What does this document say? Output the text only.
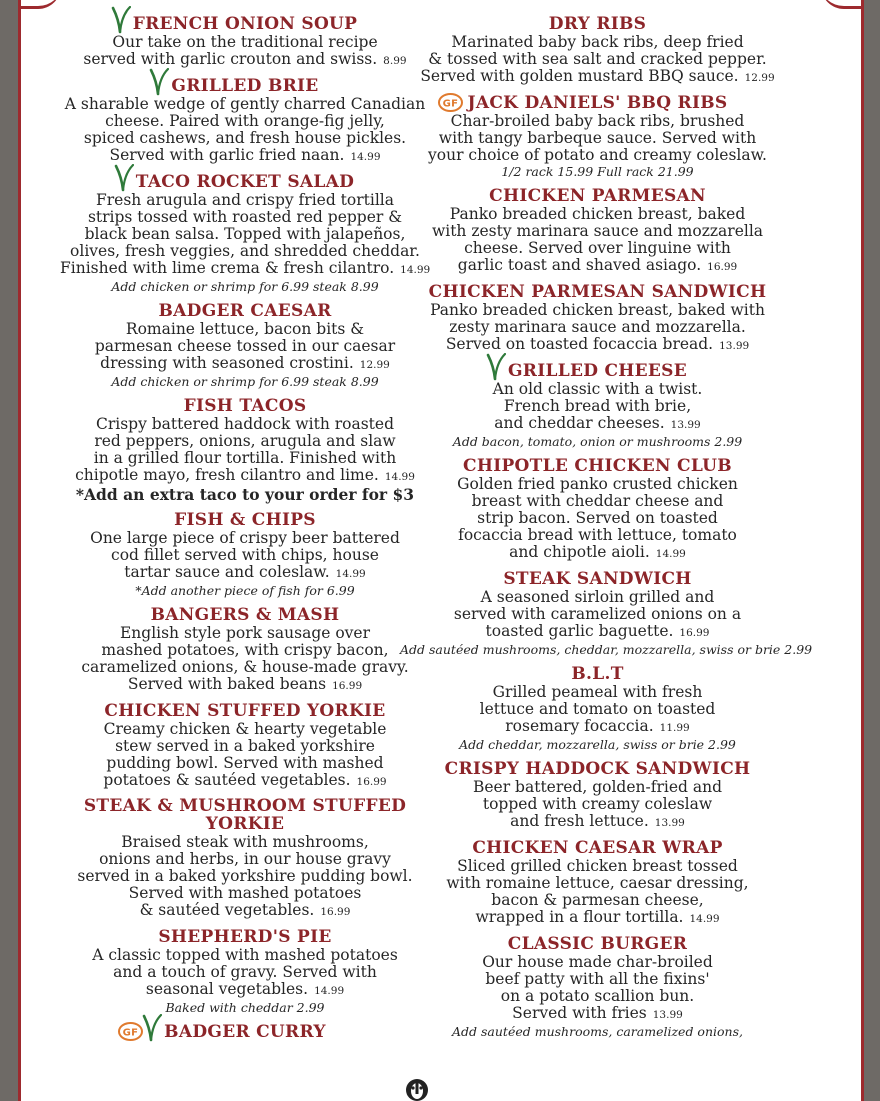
FRENCH ONION SOUP
Our take on the traditional recipe
served with garlic crouton and swiss. 8.99
GRILLED BRIE
A sharable wedge of gently charred Canadian
cheese. Paired with orange-fig jelly,
spiced cashews, and fresh house pickles.
Served with garlic fried naan. 14.99
TACO ROCKET SALAD
Fresh arugula and crispy fried tortilla
strips tossed with roasted red pepper &
black bean salsa. Topped with jalapeños,
olives, fresh veggies, and shredded cheddar.
Finished with lime crema & fresh cilantro. 14.99
Add chicken or shrimp for 6.99 steak 8.99
BADGER CAESAR
Romaine lettuce, bacon bits &
parmesan cheese tossed in our caesar
dressing with seasoned crostini. 12.99
Add chicken or shrimp for 6.99 steak 8.99
FISH TACOS
Crispy battered haddock with roasted
red peppers, onions, arugula and slaw
in a grilled flour tortilla. Finished with
chipotle mayo, fresh cilantro and lime. 14.99
*Add an extra taco to your order for $3
FISH & CHIPS
One large piece of crispy beer battered
cod fillet served with chips, house
tartar sauce and coleslaw. 14.99
*Add another piece of fish for 6.99
BANGERS & MASH
English style pork sausage over
mashed potatoes, with crispy bacon,
caramelized onions, & house-made gravy.
Served with baked beans 16.99
CHICKEN STUFFED YORKIE
Creamy chicken & hearty vegetable
stew served in a baked yorkshire
pudding bowl. Served with mashed
potatoes & sautéed vegetables. 16.99
STEAK & MUSHROOM STUFFED YORKIE
Braised steak with mushrooms,
onions and herbs, in our house gravy
served in a baked yorkshire pudding bowl.
Served with mashed potatoes
& sautéed vegetables. 16.99
SHEPHERD'S PIE
A classic topped with mashed potatoes
and a touch of gravy. Served with
seasonal vegetables. 14.99
Baked with cheddar 2.99
GF BADGER CURRY
DRY RIBS
Marinated baby back ribs, deep fried
& tossed with sea salt and cracked pepper.
Served with golden mustard BBQ sauce. 12.99
GF JACK DANIELS' BBQ RIBS
Char-broiled baby back ribs, brushed
with tangy barbeque sauce. Served with
your choice of potato and creamy coleslaw.
1/2 rack 15.99 Full rack 21.99
CHICKEN PARMESAN
Panko breaded chicken breast, baked
with zesty marinara sauce and mozzarella
cheese. Served over linguine with
garlic toast and shaved asiago. 16.99
CHICKEN PARMESAN SANDWICH
Panko breaded chicken breast, baked with
zesty marinara sauce and mozzarella.
Served on toasted focaccia bread. 13.99
GRILLED CHEESE
An old classic with a twist.
French bread with brie,
and cheddar cheeses. 13.99
Add bacon, tomato, onion or mushrooms 2.99
CHIPOTLE CHICKEN CLUB
Golden fried panko crusted chicken
breast with cheddar cheese and
strip bacon. Served on toasted
focaccia bread with lettuce, tomato
and chipotle aioli. 14.99
STEAK SANDWICH
A seasoned sirloin grilled and
served with caramelized onions on a
toasted garlic baguette. 16.99
Add sautéed mushrooms, cheddar, mozzarella, swiss or brie 2.99
B.L.T
Grilled peameal with fresh
lettuce and tomato on toasted
rosemary focaccia. 11.99
Add cheddar, mozzarella, swiss or brie 2.99
CRISPY HADDOCK SANDWICH
Beer battered, golden-fried and
topped with creamy coleslaw
and fresh lettuce. 13.99
CHICKEN CAESAR WRAP
Sliced grilled chicken breast tossed
with romaine lettuce, caesar dressing,
bacon & parmesan cheese,
wrapped in a flour tortilla. 14.99
CLASSIC BURGER
Our house made char-broiled
beef patty with all the fixins'
on a potato scallion bun.
Served with fries 13.99
Add sautéed mushrooms, caramelized onions,
